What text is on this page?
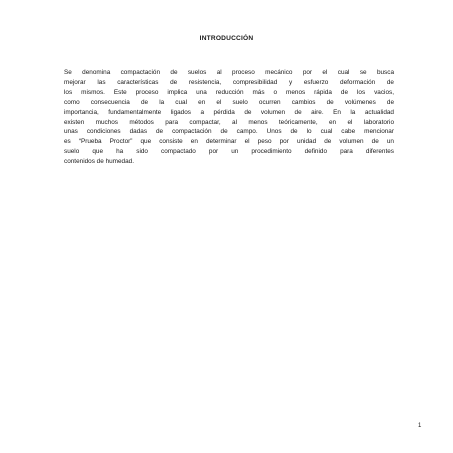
INTRODUCCIÓN
Se denomina compactación de suelos al proceso mecánico por el cual se busca
mejorar las características de resistencia, compresibilidad y esfuerzo deformación de
los mismos. Este proceso implica una reducción más o menos rápida de los vacios,
como consecuencia de la cual en el suelo ocurren cambios de volúmenes de
importancia, fundamentalmente ligados a pérdida de volumen de aire. En la actualidad
existen muchos métodos para compactar, al menos teóricamente, en el laboratorio
unas condiciones dadas de compactación de campo. Unos de lo cual cabe mencionar
es “Prueba Proctor” que consiste en determinar el peso por unidad de volumen de un
suelo que ha sido compactado por un procedimiento definido para diferentes
contenidos de humedad.

1
